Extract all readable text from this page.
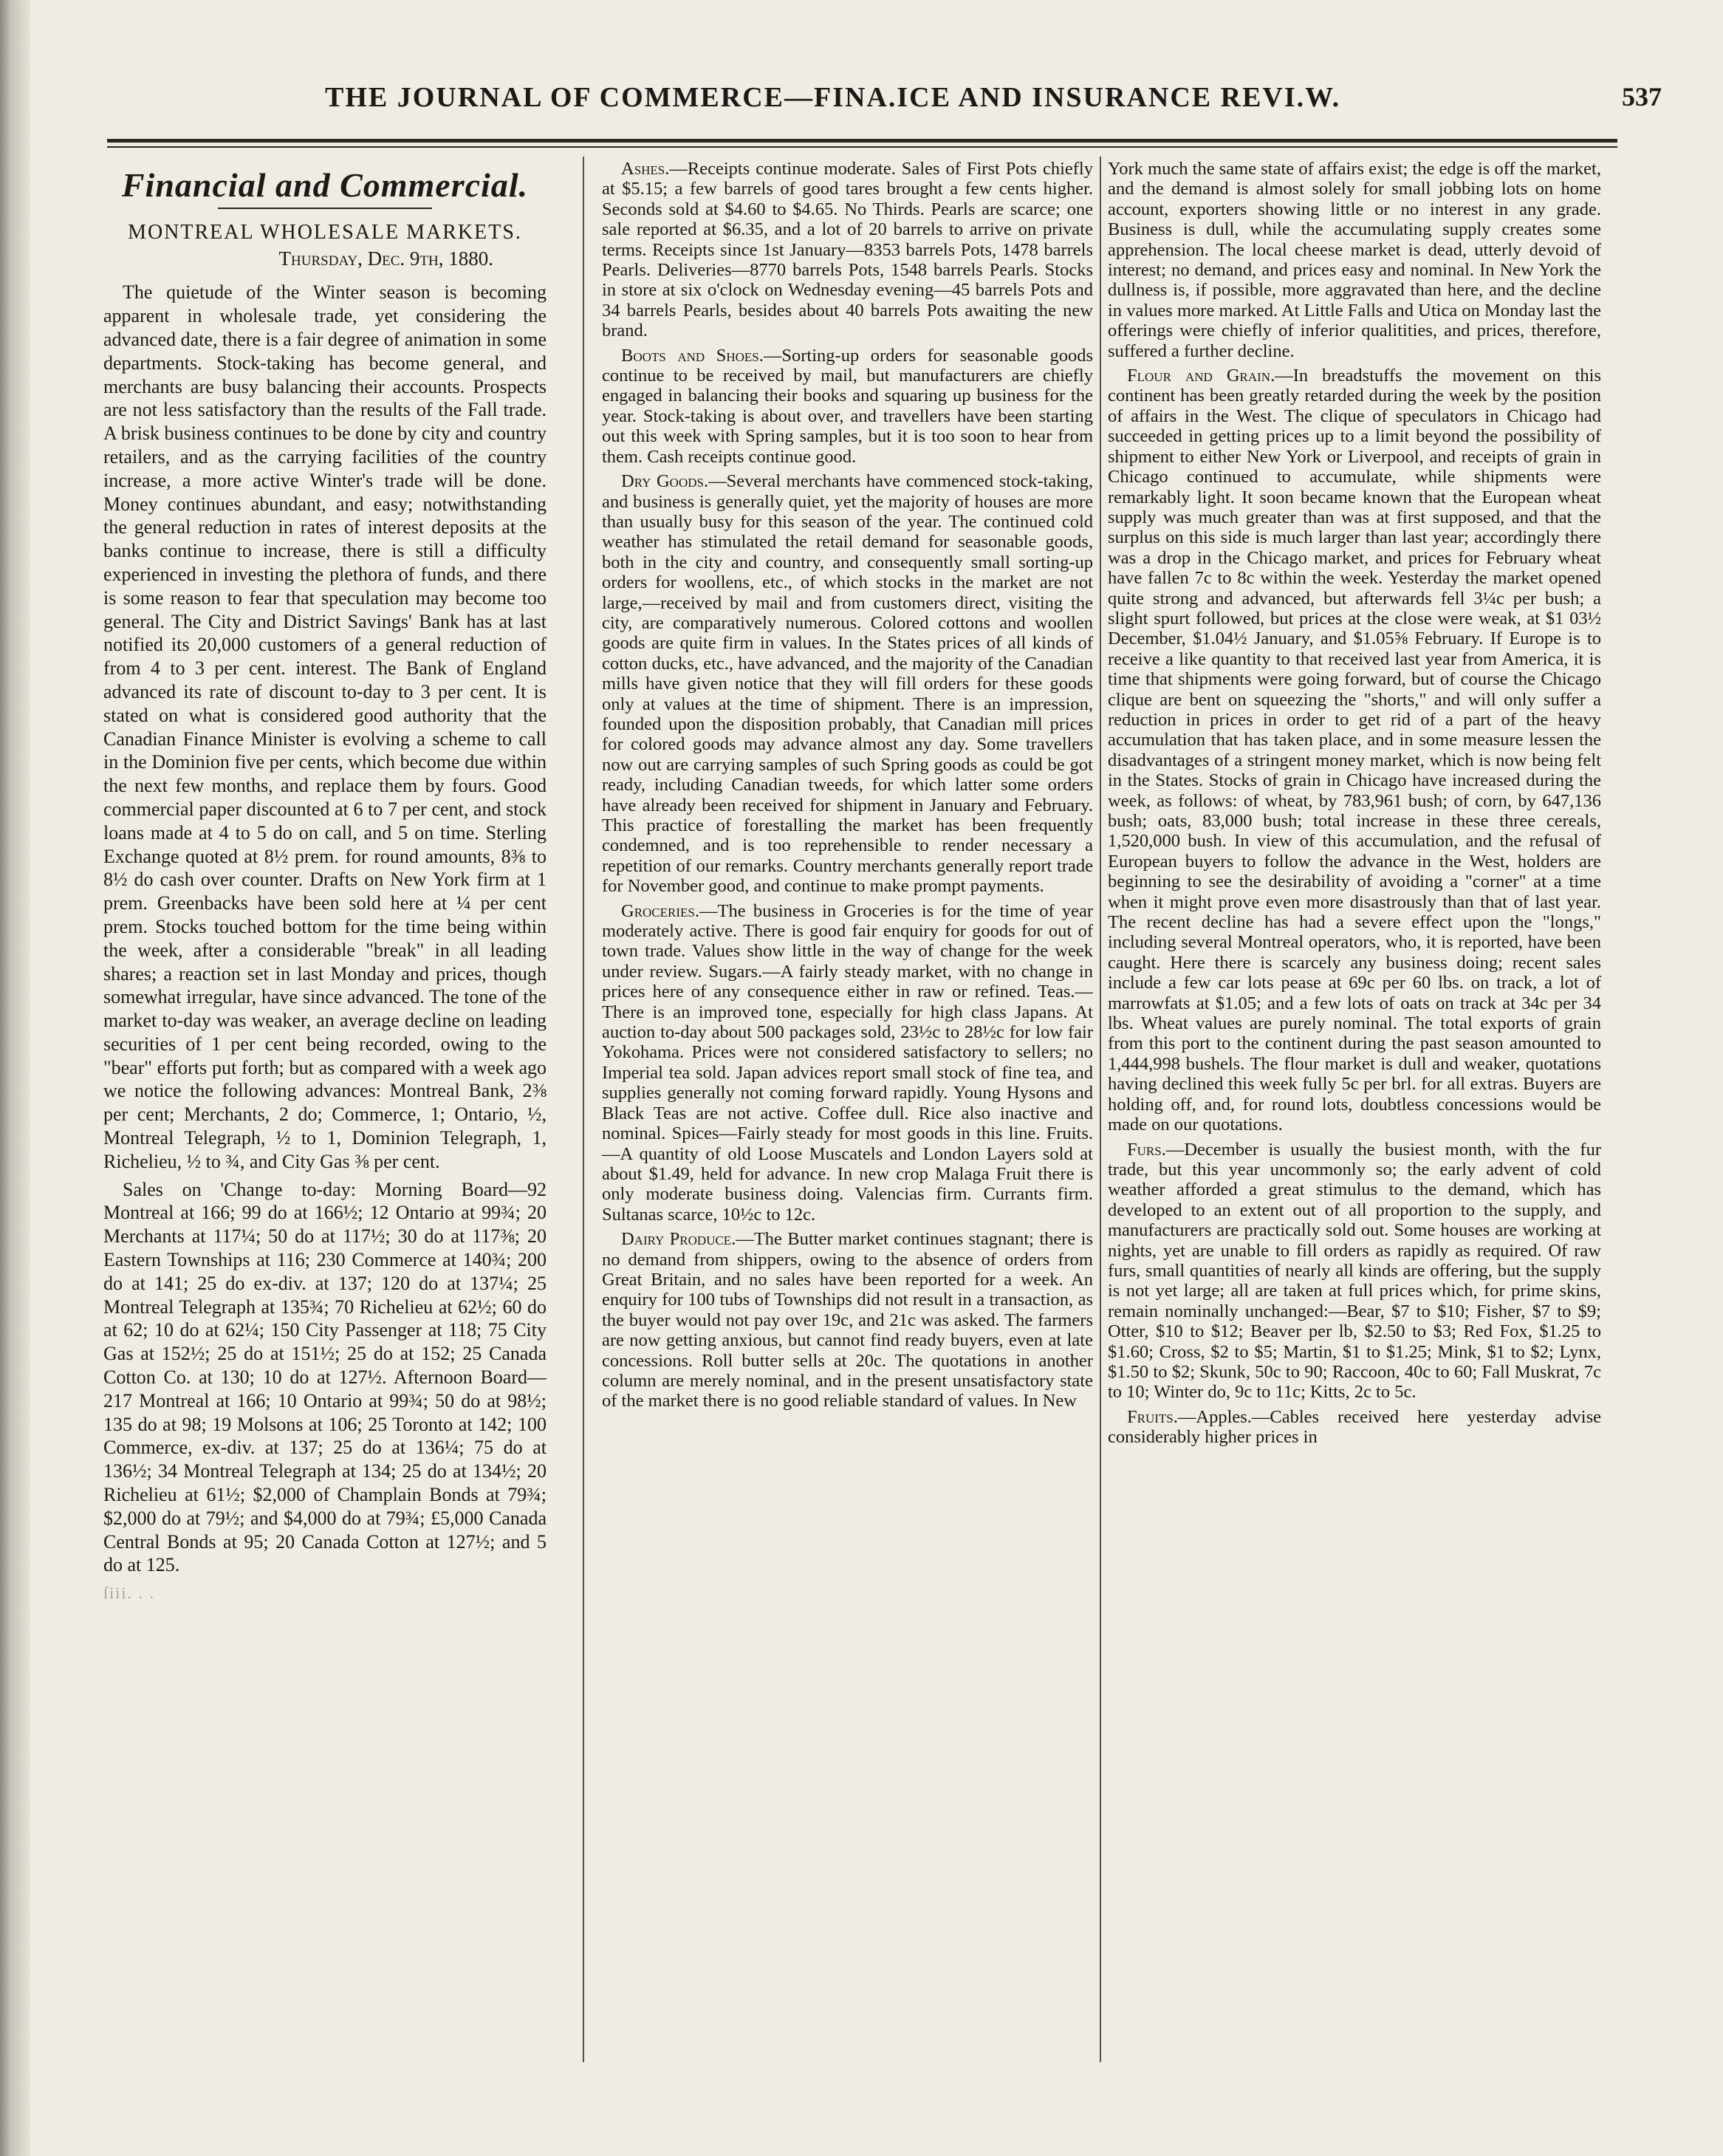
THE JOURNAL OF COMMERCE—FINA.ICE AND INSURANCE REVI.W.	537
Financial and Commercial.
MONTREAL WHOLESALE MARKETS.
Thursday, Dec. 9th, 1880.

The quietude of the Winter season is becoming apparent in wholesale trade, yet considering the advanced date, there is a fair degree of animation in some departments. Stock-taking has become general, and merchants are busy balancing their accounts. Prospects are not less satisfactory than the results of the Fall trade. A brisk business continues to be done by city and country retailers, and as the carrying facilities of the country increase, a more active Winter's trade will be done. Money continues abundant, and easy; notwithstanding the general reduction in rates of interest deposits at the banks continue to increase, there is still a difficulty experienced in investing the plethora of funds, and there is some reason to fear that speculation may become too general. The City and District Savings' Bank has at last notified its 20,000 customers of a general reduction of from 4 to 3 per cent. interest. The Bank of England advanced its rate of discount to-day to 3 per cent. It is stated on what is considered good authority that the Canadian Finance Minister is evolving a scheme to call in the Dominion five per cents, which become due within the next few months, and replace them by fours. Good commercial paper discounted at 6 to 7 per cent, and stock loans made at 4 to 5 do on call, and 5 on time. Sterling Exchange quoted at 8½ prem. for round amounts, 8⅜ to 8½ do cash over counter. Drafts on New York firm at 1 prem. Greenbacks have been sold here at ¼ per cent prem. Stocks touched bottom for the time being within the week, after a considerable "break" in all leading shares; a reaction set in last Monday and prices, though somewhat irregular, have since advanced. The tone of the market to-day was weaker, an average decline on leading securities of 1 per cent being recorded, owing to the "bear" efforts put forth; but as compared with a week ago we notice the following advances: Montreal Bank, 2⅜ per cent; Merchants, 2 do; Commerce, 1; Ontario, ½, Montreal Telegraph, ½ to 1, Dominion Telegraph, 1, Richelieu, ½ to ¾, and City Gas ⅜ per cent.

Sales on 'Change to-day: Morning Board—92 Montreal at 166; 99 do at 166½; 12 Ontario at 99¾; 20 Merchants at 117¼; 50 do at 117½; 30 do at 117⅜; 20 Eastern Townships at 116; 230 Commerce at 140¾; 200 do at 141; 25 do ex-div. at 137; 120 do at 137¼; 25 Montreal Telegraph at 135¾; 70 Richelieu at 62½; 60 do at 62; 10 do at 62¼; 150 City Passenger at 118; 75 City Gas at 152½; 25 do at 151½; 25 do at 152; 25 Canada Cotton Co. at 130; 10 do at 127½. Afternoon Board—217 Montreal at 166; 10 Ontario at 99¾; 50 do at 98½; 135 do at 98; 19 Molsons at 106; 25 Toronto at 142; 100 Commerce, ex-div. at 137; 25 do at 136¼; 75 do at 136½; 34 Montreal Telegraph at 134; 25 do at 134½; 20 Richelieu at 61½; $2,000 of Champlain Bonds at 79¾; $2,000 do at 79½; and $4,000 do at 79¾; £5,000 Canada Central Bonds at 95; 20 Canada Cotton at 127½; and 5 do at 125.

ſiii. . .

Ashes.—Receipts continue moderate. Sales of First Pots chiefly at $5.15; a few barrels of good tares brought a few cents higher. Seconds sold at $4.60 to $4.65. No Thirds. Pearls are scarce; one sale reported at $6.35, and a lot of 20 barrels to arrive on private terms. Receipts since 1st January—8353 barrels Pots, 1478 barrels Pearls. Deliveries—8770 barrels Pots, 1548 barrels Pearls. Stocks in store at six o'clock on Wednesday evening—45 barrels Pots and 34 barrels Pearls, besides about 40 barrels Pots awaiting the new brand.

Boots and Shoes.—Sorting-up orders for seasonable goods continue to be received by mail, but manufacturers are chiefly engaged in balancing their books and squaring up business for the year. Stock-taking is about over, and travellers have been starting out this week with Spring samples, but it is too soon to hear from them. Cash receipts continue good.

Dry Goods.—Several merchants have commenced stock-taking, and business is generally quiet, yet the majority of houses are more than usually busy for this season of the year. The continued cold weather has stimulated the retail demand for seasonable goods, both in the city and country, and consequently small sorting-up orders for woollens, etc., of which stocks in the market are not large,—received by mail and from customers direct, visiting the city, are comparatively numerous. Colored cottons and woollen goods are quite firm in values. In the States prices of all kinds of cotton ducks, etc., have advanced, and the majority of the Canadian mills have given notice that they will fill orders for these goods only at values at the time of shipment. There is an impression, founded upon the disposition probably, that Canadian mill prices for colored goods may advance almost any day. Some travellers now out are carrying samples of such Spring goods as could be got ready, including Canadian tweeds, for which latter some orders have already been received for shipment in January and February. This practice of forestalling the market has been frequently condemned, and is too reprehensible to render necessary a repetition of our remarks. Country merchants generally report trade for November good, and continue to make prompt payments.

Groceries.—The business in Groceries is for the time of year moderately active. There is good fair enquiry for goods for out of town trade. Values show little in the way of change for the week under review. Sugars.—A fairly steady market, with no change in prices here of any consequence either in raw or refined. Teas.—There is an improved tone, especially for high class Japans. At auction to-day about 500 packages sold, 23½c to 28½c for low fair Yokohama. Prices were not considered satisfactory to sellers; no Imperial tea sold. Japan advices report small stock of fine tea, and supplies generally not coming forward rapidly. Young Hysons and Black Teas are not active. Coffee dull. Rice also inactive and nominal. Spices—Fairly steady for most goods in this line. Fruits.—A quantity of old Loose Muscatels and London Layers sold at about $1.49, held for advance. In new crop Malaga Fruit there is only moderate business doing. Valencias firm. Currants firm. Sultanas scarce, 10½c to 12c.

Dairy Produce.—The Butter market continues stagnant; there is no demand from shippers, owing to the absence of orders from Great Britain, and no sales have been reported for a week. An enquiry for 100 tubs of Townships did not result in a transaction, as the buyer would not pay over 19c, and 21c was asked. The farmers are now getting anxious, but cannot find ready buyers, even at late concessions. Roll butter sells at 20c. The quotations in another column are merely nominal, and in the present unsatisfactory state of the market there is no good reliable standard of values. In New

York much the same state of affairs exist; the edge is off the market, and the demand is almost solely for small jobbing lots on home account, exporters showing little or no interest in any grade. Business is dull, while the accumulating supply creates some apprehension. The local cheese market is dead, utterly devoid of interest; no demand, and prices easy and nominal. In New York the dullness is, if possible, more aggravated than here, and the decline in values more marked. At Little Falls and Utica on Monday last the offerings were chiefly of inferior qualitities, and prices, therefore, suffered a further decline.

Flour and Grain.—In breadstuffs the movement on this continent has been greatly retarded during the week by the position of affairs in the West. The clique of speculators in Chicago had succeeded in getting prices up to a limit beyond the possibility of shipment to either New York or Liverpool, and receipts of grain in Chicago continued to accumulate, while shipments were remarkably light. It soon became known that the European wheat supply was much greater than was at first supposed, and that the surplus on this side is much larger than last year; accordingly there was a drop in the Chicago market, and prices for February wheat have fallen 7c to 8c within the week. Yesterday the market opened quite strong and advanced, but afterwards fell 3¼c per bush; a slight spurt followed, but prices at the close were weak, at $1 03½ December, $1.04½ January, and $1.05⅝ February. If Europe is to receive a like quantity to that received last year from America, it is time that shipments were going forward, but of course the Chicago clique are bent on squeezing the "shorts," and will only suffer a reduction in prices in order to get rid of a part of the heavy accumulation that has taken place, and in some measure lessen the disadvantages of a stringent money market, which is now being felt in the States. Stocks of grain in Chicago have increased during the week, as follows: of wheat, by 783,961 bush; of corn, by 647,136 bush; oats, 83,000 bush; total increase in these three cereals, 1,520,000 bush. In view of this accumulation, and the refusal of European buyers to follow the advance in the West, holders are beginning to see the desirability of avoiding a "corner" at a time when it might prove even more disastrously than that of last year. The recent decline has had a severe effect upon the "longs," including several Montreal operators, who, it is reported, have been caught. Here there is scarcely any business doing; recent sales include a few car lots pease at 69c per 60 lbs. on track, a lot of marrowfats at $1.05; and a few lots of oats on track at 34c per 34 lbs. Wheat values are purely nominal. The total exports of grain from this port to the continent during the past season amounted to 1,444,998 bushels. The flour market is dull and weaker, quotations having declined this week fully 5c per brl. for all extras. Buyers are holding off, and, for round lots, doubtless concessions would be made on our quotations.

Furs.—December is usually the busiest month, with the fur trade, but this year uncommonly so; the early advent of cold weather afforded a great stimulus to the demand, which has developed to an extent out of all proportion to the supply, and manufacturers are practically sold out. Some houses are working at nights, yet are unable to fill orders as rapidly as required. Of raw furs, small quantities of nearly all kinds are offering, but the supply is not yet large; all are taken at full prices which, for prime skins, remain nominally unchanged:—Bear, $7 to $10; Fisher, $7 to $9; Otter, $10 to $12; Beaver per lb, $2.50 to $3; Red Fox, $1.25 to $1.60; Cross, $2 to $5; Martin, $1 to $1.25; Mink, $1 to $2; Lynx, $1.50 to $2; Skunk, 50c to 90; Raccoon, 40c to 60; Fall Muskrat, 7c to 10; Winter do, 9c to 11c; Kitts, 2c to 5c.

Fruits.—Apples.—Cables received here yesterday advise considerably higher prices in
